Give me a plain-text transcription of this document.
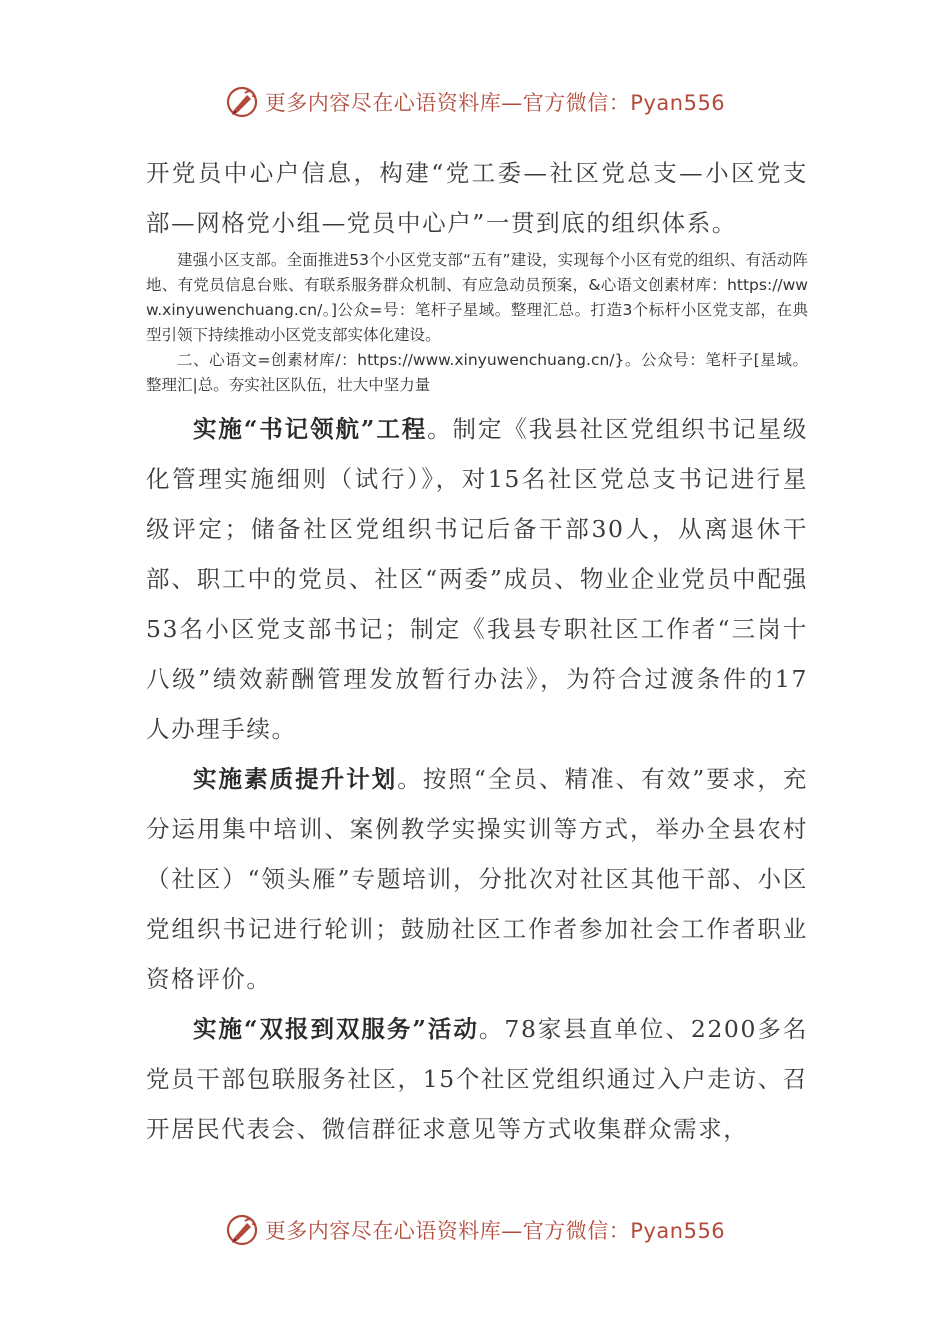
更多内容尽在心语资料库—官方微信：Pyan556

开党员中心户信息，构建“党工委—社区党总支—小区党支部—网格党小组—党员中心户”一贯到底的组织体系。

建强小区支部。全面推进53个小区党支部“五有”建设，实现每个小区有党的组织、有活动阵地、有党员信息台账、有联系服务群众机制、有应急动员预案，&心语文创素材库：https://www.xinyuwenchuang.cn/。]公众=号：笔杆子星域。整理汇总。打造3个标杆小区党支部，在典型引领下持续推动小区党支部实体化建设。

二、心语文=创素材库/：https://www.xinyuwenchuang.cn/}。公众号：笔杆子[星域。整理汇|总。夯实社区队伍，壮大中坚力量

实施“书记领航”工程。制定《我县社区党组织书记星级化管理实施细则（试行）》，对15名社区党总支书记进行星级评定；储备社区党组织书记后备干部30人，从离退休干部、职工中的党员、社区“两委”成员、物业企业党员中配强53名小区党支部书记；制定《我县专职社区工作者“三岗十八级”绩效薪酬管理发放暂行办法》，为符合过渡条件的17人办理手续。

实施素质提升计划。按照“全员、精准、有效”要求，充分运用集中培训、案例教学实操实训等方式，举办全县农村（社区）“领头雁”专题培训，分批次对社区其他干部、小区党组织书记进行轮训；鼓励社区工作者参加社会工作者职业资格评价。

实施“双报到双服务”活动。78家县直单位、2200多名党员干部包联服务社区，15个社区党组织通过入户走访、召开居民代表会、微信群征求意见等方式收集群众需求，

更多内容尽在心语资料库—官方微信：Pyan556
